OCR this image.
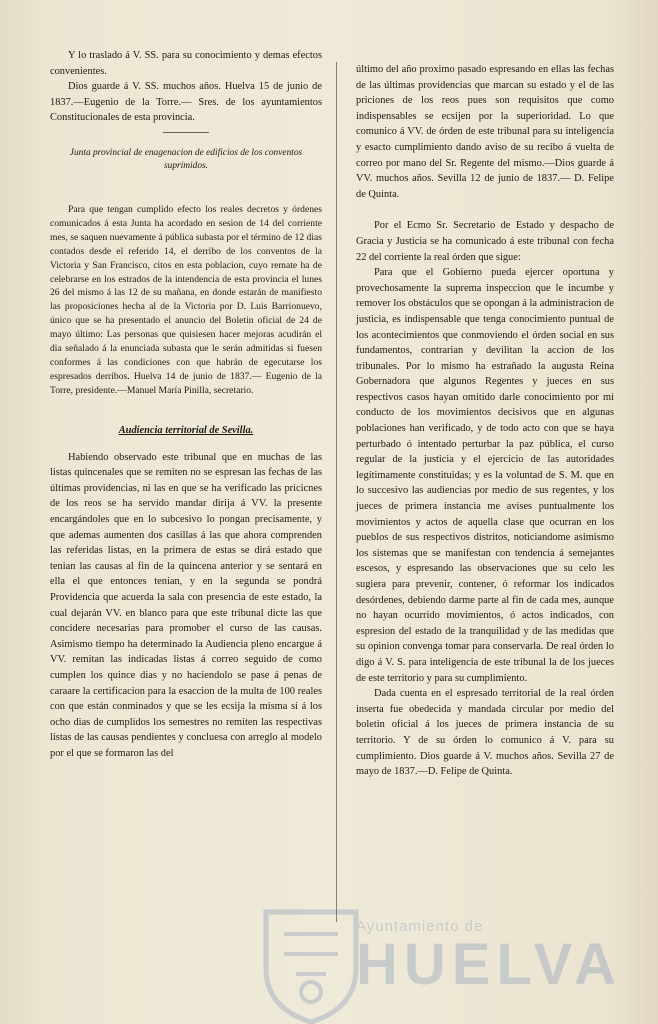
Y lo traslado á V. SS. para su conocimiento y demas efectos convenientes.

Dios guarde á V. SS. muchos años. Huelva 15 de junio de 1837.—Eugenio de la Torre.— Sres. de los ayuntamientos Constitucionales de esta provincia.

Junta provincial de enagenacion de edificios de los conventos suprimidos.

Para que tengan cumplido efecto los reales decretos y órdenes comunicados á esta Junta ha acordado en sesion de 14 del corriente mes, se saquen nuevamente á pública subasta por el término de 12 dias contados desde el referido 14, el derribo de los conventos de la Victoria y San Francisco, citos en esta poblacion, cuyo remate ha de celebrarse en los estrados de la intendencia de esta provincia el lunes 26 del mismo á las 12 de su mañana, en donde estarán de manifiesto las proposiciones hecha al de la Victoria por D. Luis Barrionuevo, único que se ha presentado el anuncio del Boletin oficial de 24 de mayo último: Las personas que quisiesen hacer mejoras acudirán el dia señalado á la enunciada subasta que le serán admitidas si fuesen conformes á las condiciones con que habrán de egecutarse los espresados derribos. Huelva 14 de junio de 1837.— Eugenio de la Torre, presidente.—Manuel María Pinilla, secretario.

Audiencia territorial de Sevilla.

Habiendo observado este tribunal que en muchas de las listas quincenales que se remiten no se espresan las fechas de las últimas providencias, ni las en que se ha verificado las pricicnes de los reos se ha servido mandar dirija á VV. la presente encargándoles que en lo subcesivo lo pongan precisamente, y que ademas aumenten dos casillas á las que ahora comprenden las referidas listas, en la primera de estas se dirá estado que tenian las causas al fin de la quincena anterior y se sentará en ella el que entonces tenian, y en la segunda se pondrá Providencia que acuerda la sala con presencia de este estado, la cual dejarán VV. en blanco para que este tribunal dicte las que concidere necesarias para promober el curso de las causas. Asimismo tiempo ha determinado la Audiencia pleno encargue á VV. remitan las indicadas listas á correo seguido de como cumplen los quince dias y no haciendolo se pase á penas de caraare la certificacion para la esaccion de la multa de 100 reales con que están conminados y que se les ecsija la misma si á los ocho dias de cumplidos los semestres no remiten las respectivas listas de las causas pendientes y concluesa con arreglo al modelo por el que se formaron las del

último del año proximo pasado espresando en ellas las fechas de las últimas providencias que marcan su estado y el de las priciones de los reos pues son requisitos que como indispensables se ecsijen por la superioridad. Lo que comunico á VV. de órden de este tribunal para su inteligencia y esacto cumplimiento dando aviso de su recibo á vuelta de correo por mano del Sr. Regente del mismo.—Dios guarde á VV. muchos años. Sevilla 12 de junio de 1837.— D. Felipe de Quinta.

Por el Ecmo Sr. Secretario de Estado y despacho de Gracia y Justicia se ha comunicado á este tribunal con fecha 22 del corriente la real órden que sigue:

Para que el Gobierno pueda ejercer oportuna y provechosamente la suprema inspeccion que le incumbe y remover los obstáculos que se opongan á la administracion de justicia, es indispensable que tenga conocimiento puntual de los acontecimientos que conmoviendo el órden social en sus fundamentos, contrarian y devilitan la accion de los tribunales. Por lo mismo ha estrañado la augusta Reina Gobernadora que algunos Regentes y jueces en sus respectivos casos hayan omitido darle conocimiento por mi conducto de los movimientos decisivos que en algunas poblaciones han verificado, y de todo acto con que se haya perturbado ó intentado perturbar la paz pública, el curso regular de la justicia y el ejercicio de las autoridades legítimamente constituidas; y es la voluntad de S. M. que en lo succesivo las audiencias por medio de sus regentes, y los jueces de primera instancia me avises puntualmente los movimientos y actos de aquella clase que ocurran en los pueblos de sus respectivos distritos, noticiandome asimismo los sistemas que se manifestan con tendencia á semejantes escesos, y espresando las observaciones que su celo les sugiera para prevenir, contener, ó reformar los indicados desórdenes, debiendo darme parte al fin de cada mes, aunque no hayan ocurrido movimientos, ó actos indicados, con espresion del estado de la tranquilidad y de las medidas que su opinion convenga tomar para conservarla. De real órden lo digo á V. S. para inteligencia de este tribunal la de los jueces de este territorio y para su cumplimiento.

Dada cuenta en el espresado territorial de la real órden inserta fue obedecida y mandada circular por medio del boletin oficial á los jueces de primera instancia de su territorio. Y de su órden lo comunico á V. para su cumplimiento. Dios guarde á V. muchos años. Sevilla 27 de mayo de 1837.—D. Felipe de Quinta.

Ayuntamiento de
HUELVA
